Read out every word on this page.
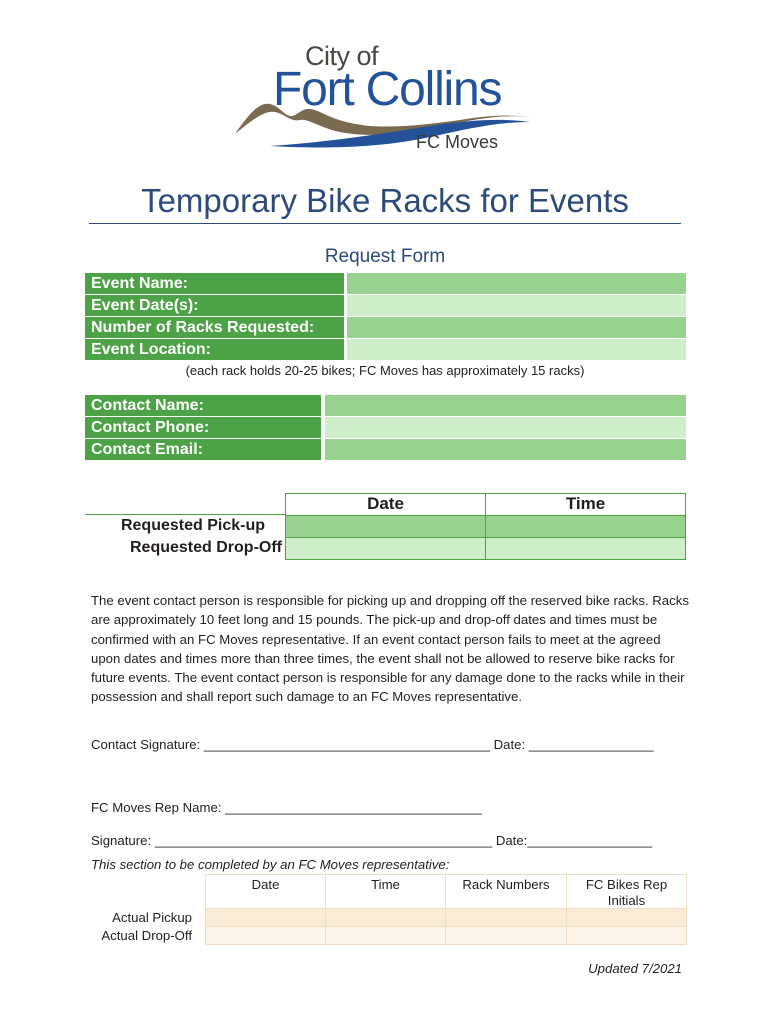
City of
Fort Collins
FC Moves
Temporary Bike Racks for Events
Request Form
Event Name:
Event Date(s):
Number of Racks Requested:
Event Location:
(each rack holds 20-25 bikes; FC Moves has approximately 15 racks)
Contact Name:
Contact Phone:
Contact Email:
Date	Time
Requested Pick-up
Requested Drop-Off
The event contact person is responsible for picking up and dropping off the reserved bike racks. Racks are approximately 10 feet long and 15 pounds. The pick-up and drop-off dates and times must be confirmed with an FC Moves representative. If an event contact person fails to meet at the agreed upon dates and times more than three times, the event shall not be allowed to reserve bike racks for future events. The event contact person is responsible for any damage done to the racks while in their possession and shall report such damage to an FC Moves representative.
Contact Signature: _______________________________________ Date: _________________
FC Moves Rep Name: ___________________________________
Signature: ______________________________________________ Date:_________________
This section to be completed by an FC Moves representative:
Date	Time	Rack Numbers	FC Bikes Rep Initials
Actual Pickup
Actual Drop-Off
Updated 7/2021
